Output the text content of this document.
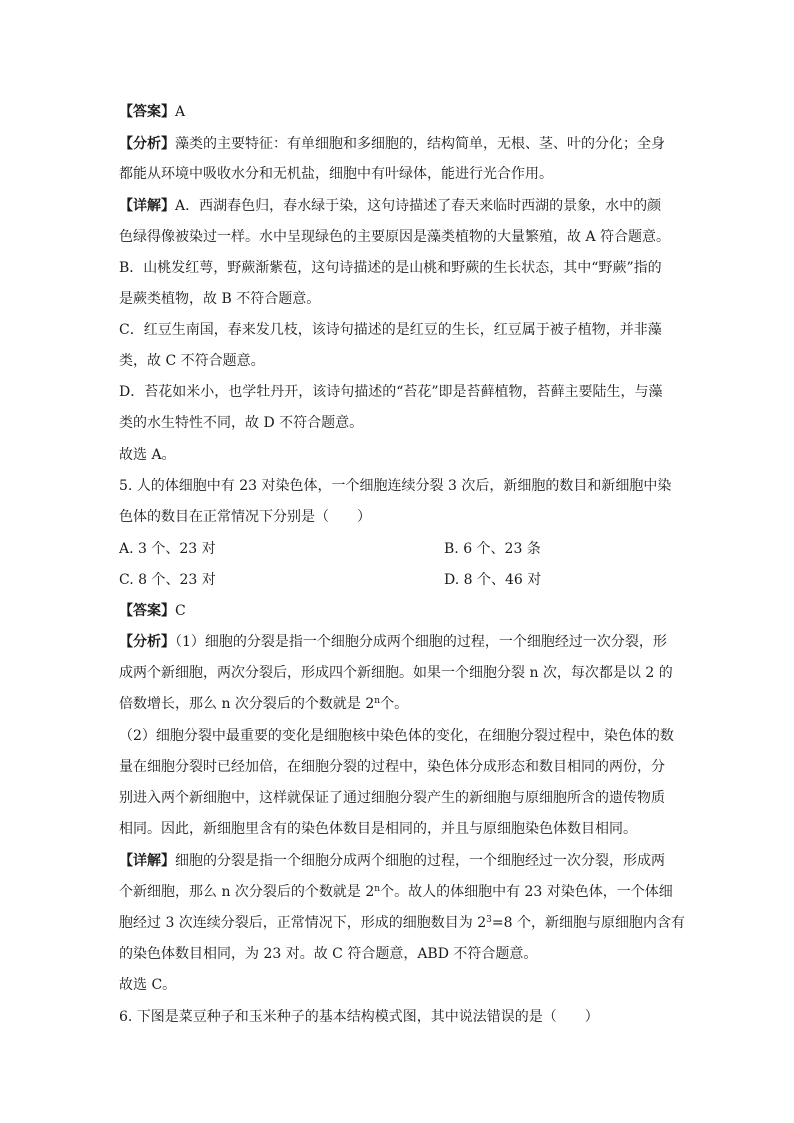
【答案】A
【分析】藻类的主要特征：有单细胞和多细胞的，结构简单，无根、茎、叶的分化；全身
都能从环境中吸收水分和无机盐，细胞中有叶绿体，能进行光合作用。
【详解】A．西湖春色归，春水绿于染，这句诗描述了春天来临时西湖的景象，水中的颜
色绿得像被染过一样。水中呈现绿色的主要原因是藻类植物的大量繁殖，故 A 符合题意。
B．山桃发红萼，野蕨渐紫苞，这句诗描述的是山桃和野蕨的生长状态，其中“野蕨”指的
是蕨类植物，故 B 不符合题意。
C．红豆生南国，春来发几枝，该诗句描述的是红豆的生长，红豆属于被子植物，并非藻
类，故 C 不符合题意。
D．苔花如米小，也学牡丹开，该诗句描述的“苔花”即是苔藓植物，苔藓主要陆生，与藻
类的水生特性不同，故 D 不符合题意。
故选 A。
5. 人的体细胞中有 23 对染色体，一个细胞连续分裂 3 次后，新细胞的数目和新细胞中染
色体的数目在正常情况下分别是（　　）
A. 3 个、23 对	B. 6 个、23 条
C. 8 个、23 对	D. 8 个、46 对
【答案】C
【分析】（1）细胞的分裂是指一个细胞分成两个细胞的过程，一个细胞经过一次分裂，形
成两个新细胞，两次分裂后，形成四个新细胞。如果一个细胞分裂 n 次，每次都是以 2 的
倍数增长，那么 n 次分裂后的个数就是 2$^n$个。
（2）细胞分裂中最重要的变化是细胞核中染色体的变化，在细胞分裂过程中，染色体的数
量在细胞分裂时已经加倍，在细胞分裂的过程中，染色体分成形态和数目相同的两份，分
别进入两个新细胞中，这样就保证了通过细胞分裂产生的新细胞与原细胞所含的遗传物质
相同。因此，新细胞里含有的染色体数目是相同的，并且与原细胞染色体数目相同。
【详解】细胞的分裂是指一个细胞分成两个细胞的过程，一个细胞经过一次分裂，形成两
个新细胞，那么 n 次分裂后的个数就是 2$^n$个。故人的体细胞中有 23 对染色体，一个体细
胞经过 3 次连续分裂后，正常情况下，形成的细胞数目为 $2^3=8$ 个，新细胞与原细胞内含有
的染色体数目相同，为 23 对。故 C 符合题意，ABD 不符合题意。
故选 C。
6. 下图是菜豆种子和玉米种子的基本结构模式图，其中说法错误的是（　　）
